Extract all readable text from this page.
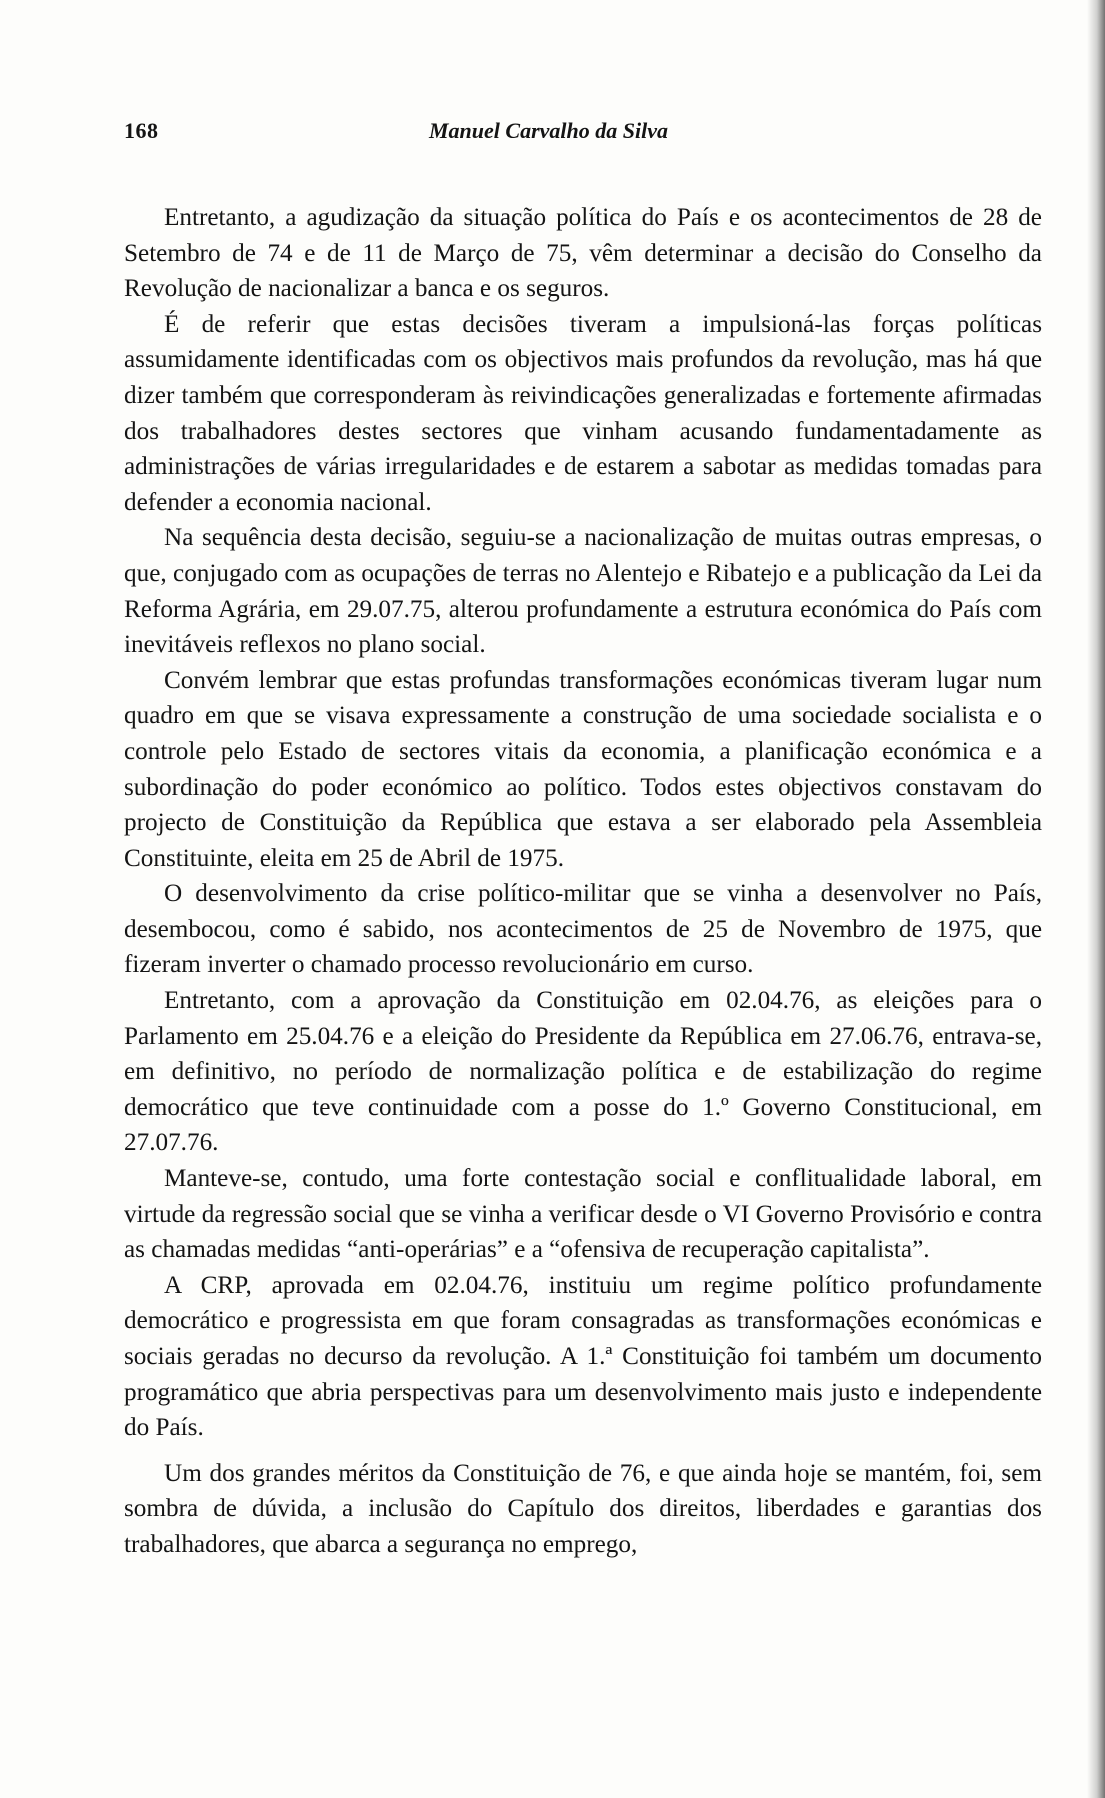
168	Manuel Carvalho da Silva

Entretanto, a agudização da situação política do País e os acontecimentos de 28 de Setembro de 74 e de 11 de Março de 75, vêm determinar a decisão do Conselho da Revolução de nacionalizar a banca e os seguros.

É de referir que estas decisões tiveram a impulsioná-las forças políticas assumidamente identificadas com os objectivos mais profundos da revolução, mas há que dizer também que corresponderam às reivindicações generalizadas e fortemente afirmadas dos trabalhadores destes sectores que vinham acusando fundamentadamente as administrações de várias irregularidades e de estarem a sabotar as medidas tomadas para defender a economia nacional.

Na sequência desta decisão, seguiu-se a nacionalização de muitas outras empresas, o que, conjugado com as ocupações de terras no Alentejo e Ribatejo e a publicação da Lei da Reforma Agrária, em 29.07.75, alterou profundamente a estrutura económica do País com inevitáveis reflexos no plano social.

Convém lembrar que estas profundas transformações económicas tiveram lugar num quadro em que se visava expressamente a construção de uma sociedade socialista e o controle pelo Estado de sectores vitais da economia, a planificação económica e a subordinação do poder económico ao político. Todos estes objectivos constavam do projecto de Constituição da República que estava a ser elaborado pela Assembleia Constituinte, eleita em 25 de Abril de 1975.

O desenvolvimento da crise político-militar que se vinha a desenvolver no País, desembocou, como é sabido, nos acontecimentos de 25 de Novembro de 1975, que fizeram inverter o chamado processo revolucionário em curso.

Entretanto, com a aprovação da Constituição em 02.04.76, as eleições para o Parlamento em 25.04.76 e a eleição do Presidente da República em 27.06.76, entrava-se, em definitivo, no período de normalização política e de estabilização do regime democrático que teve continuidade com a posse do 1.º Governo Constitucional, em 27.07.76.

Manteve-se, contudo, uma forte contestação social e conflitualidade laboral, em virtude da regressão social que se vinha a verificar desde o VI Governo Provisório e contra as chamadas medidas “anti-operárias” e a “ofensiva de recuperação capitalista”.

A CRP, aprovada em 02.04.76, instituiu um regime político profundamente democrático e progressista em que foram consagradas as transformações económicas e sociais geradas no decurso da revolução. A 1.ª Constituição foi também um documento programático que abria perspectivas para um desenvolvimento mais justo e independente do País.

Um dos grandes méritos da Constituição de 76, e que ainda hoje se mantém, foi, sem sombra de dúvida, a inclusão do Capítulo dos direitos, liberdades e garantias dos trabalhadores, que abarca a segurança no emprego,
